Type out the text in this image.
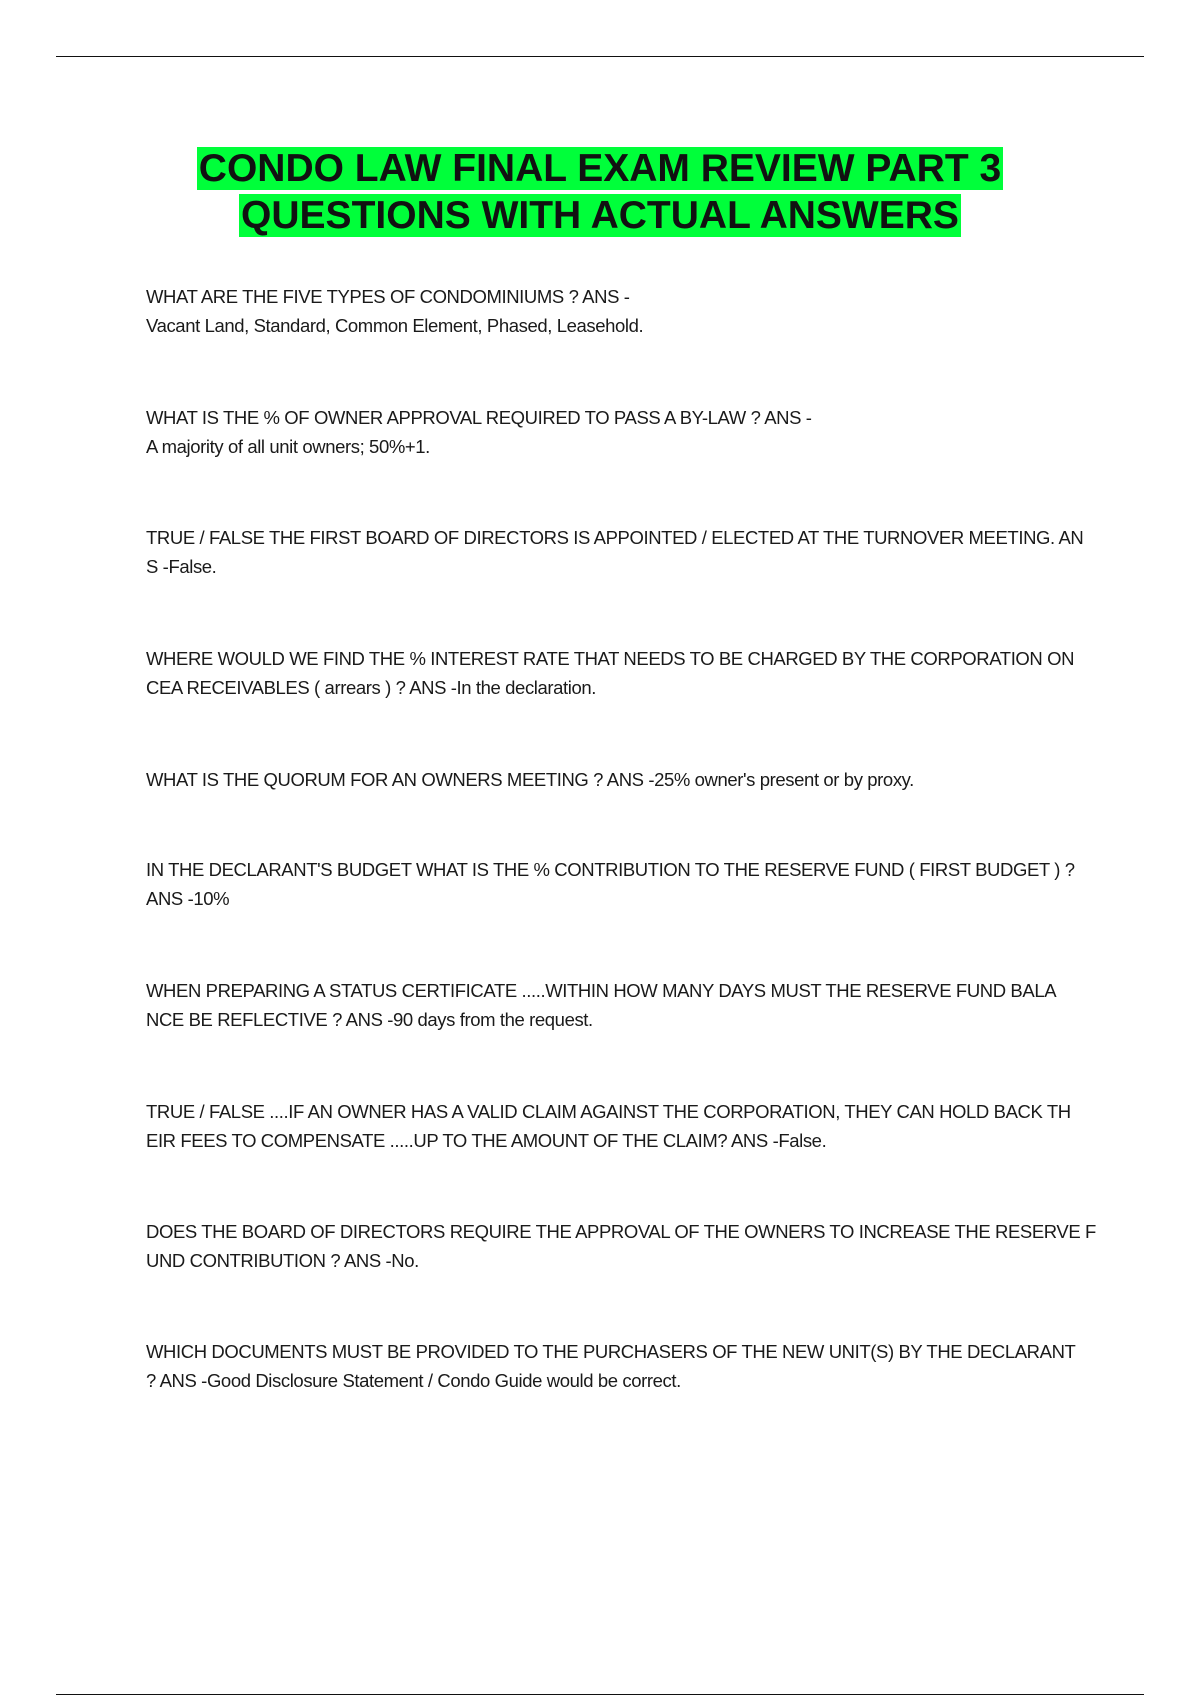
CONDO LAW FINAL EXAM REVIEW PART 3
QUESTIONS WITH ACTUAL ANSWERS
WHAT ARE THE FIVE TYPES OF CONDOMINIUMS ? ANS -
Vacant Land, Standard, Common Element, Phased, Leasehold.
WHAT IS THE % OF OWNER APPROVAL REQUIRED TO PASS A BY-LAW ? ANS -
A majority of all unit owners; 50%+1.
TRUE / FALSE THE FIRST BOARD OF DIRECTORS IS APPOINTED / ELECTED AT THE TURNOVER MEETING. AN
S -False.
WHERE WOULD WE FIND THE % INTEREST RATE THAT NEEDS TO BE CHARGED BY THE CORPORATION ON
CEA RECEIVABLES ( arrears ) ? ANS -In the declaration.
WHAT IS THE QUORUM FOR AN OWNERS MEETING ? ANS -25% owner's present or by proxy.
IN THE DECLARANT'S BUDGET WHAT IS THE % CONTRIBUTION TO THE RESERVE FUND ( FIRST BUDGET ) ?
ANS -10%
WHEN PREPARING A STATUS CERTIFICATE .....WITHIN HOW MANY DAYS MUST THE RESERVE FUND BALA
NCE BE REFLECTIVE ? ANS -90 days from the request.
TRUE / FALSE ....IF AN OWNER HAS A VALID CLAIM AGAINST THE CORPORATION, THEY CAN HOLD BACK TH
EIR FEES TO COMPENSATE .....UP TO THE AMOUNT OF THE CLAIM? ANS -False.
DOES THE BOARD OF DIRECTORS REQUIRE THE APPROVAL OF THE OWNERS TO INCREASE THE RESERVE F
UND CONTRIBUTION ? ANS -No.
WHICH DOCUMENTS MUST BE PROVIDED TO THE PURCHASERS OF THE NEW UNIT(S) BY THE DECLARANT
? ANS -Good Disclosure Statement / Condo Guide would be correct.
